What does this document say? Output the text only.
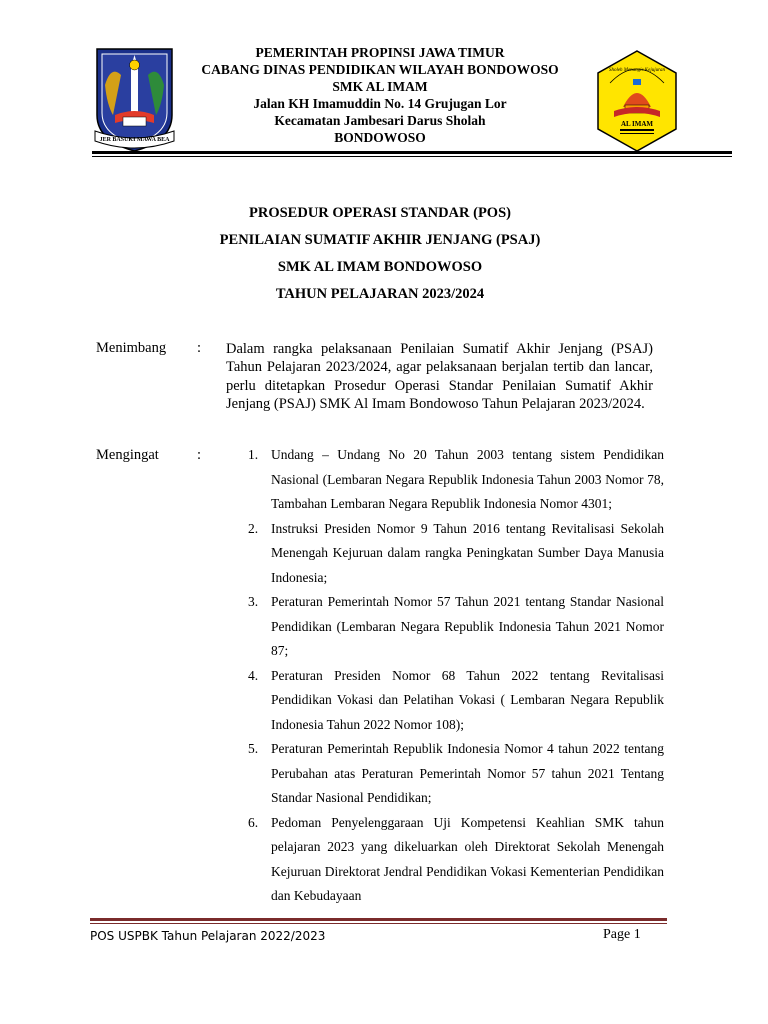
JER BASUKI MAWA BEA
PEMERINTAH PROPINSI JAWA TIMUR
CABANG DINAS PENDIDIKAN WILAYAH BONDOWOSO
SMK AL IMAM
Jalan KH Imamuddin No. 14 Grujugan Lor
Kecamatan Jambesari Darus Sholah
BONDOWOSO
Sholeh Menangis Kejujuran
AL IMAM
PROSEDUR OPERASI STANDAR (POS)
PENILAIAN SUMATIF AKHIR JENJANG (PSAJ)
SMK AL IMAM BONDOWOSO
TAHUN PELAJARAN 2023/2024
Menimbang : Dalam rangka pelaksanaan Penilaian Sumatif Akhir Jenjang (PSAJ) Tahun Pelajaran 2023/2024, agar pelaksanaan berjalan tertib dan lancar, perlu ditetapkan Prosedur Operasi Standar Penilaian Sumatif Akhir Jenjang (PSAJ) SMK Al Imam Bondowoso Tahun Pelajaran 2023/2024.
Mengingat	:	1. Undang – Undang No 20 Tahun 2003 tentang sistem Pendidikan Nasional (Lembaran Negara Republik Indonesia Tahun 2003 Nomor 78, Tambahan Lembaran Negara Republik Indonesia Nomor 4301;
2. Instruksi Presiden Nomor 9 Tahun 2016 tentang Revitalisasi Sekolah Menengah Kejuruan dalam rangka Peningkatan Sumber Daya Manusia Indonesia;
3. Peraturan Pemerintah Nomor 57 Tahun 2021 tentang Standar Nasional Pendidikan (Lembaran Negara Republik Indonesia Tahun 2021 Nomor 87;
4. Peraturan Presiden Nomor 68 Tahun 2022 tentang Revitalisasi Pendidikan Vokasi dan Pelatihan Vokasi ( Lembaran Negara Republik Indonesia Tahun 2022 Nomor 108);
5. Peraturan Pemerintah Republik Indonesia Nomor 4 tahun 2022 tentang Perubahan atas Peraturan Pemerintah Nomor 57 tahun 2021 Tentang Standar Nasional Pendidikan;
6. Pedoman Penyelenggaraan Uji Kompetensi Keahlian SMK tahun pelajaran 2023 yang dikeluarkan oleh Direktorat Sekolah Menengah Kejuruan Direktorat Jendral Pendidikan Vokasi Kementerian Pendidikan dan Kebudayaan
POS USPBK Tahun Pelajaran 2022/2023	Page 1
